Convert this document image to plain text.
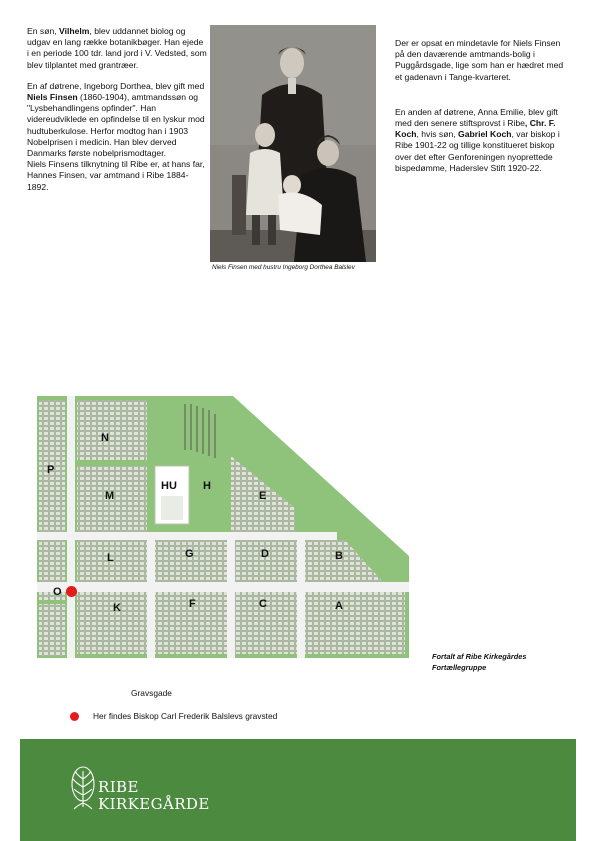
En søn, Vilhelm, blev uddannet biolog og udgav en lang række botanikbøger. Han ejede i en periode 100 tdr. land jord i V. Vedsted, som blev tilplantet med grantræer.

En af døtrene, Ingeborg Dorthea, blev gift med Niels Finsen (1860-1904), amtmandssøn og "Lysbehandlingens opfinder". Han videreudviklede en opfindelse til en lyskur mod hudtuberkulose. Herfor modtog han i 1903 Nobelprisen i medicin. Han blev derved Danmarks første nobelprismodtager.

Niels Finsens tilknytning til Ribe er, at hans far, Hannes Finsen, var amtmand i Ribe 1884-1892.

Niels Finsen med hustru Ingeborg Dorthea Balslev

Der er opsat en mindetavle for Niels Finsen på den daværende amtmands-bolig i Puggårdsgade, lige som han er hædret med et gadenavn i Tange-kvarteret.

En anden af døtrene, Anna Emilie, blev gift med den senere stiftsprovst i Ribe, Chr. F. Koch, hvis søn, Gabriel Koch, var biskop i Ribe 1901-22 og tillige konstitueret biskop over det efter Genforeningen nyoprettede bispedømme, Haderslev Stift 1920-22.

N
P
M
HU H
E
L	G	D	B
O
K	F	C	A
Fortalt af Ribe Kirkegårdes
Fortællegruppe
Gravsgade
Her findes Biskop Carl Frederik Balslevs gravsted
RIBE
KIRKEGÅRDE
